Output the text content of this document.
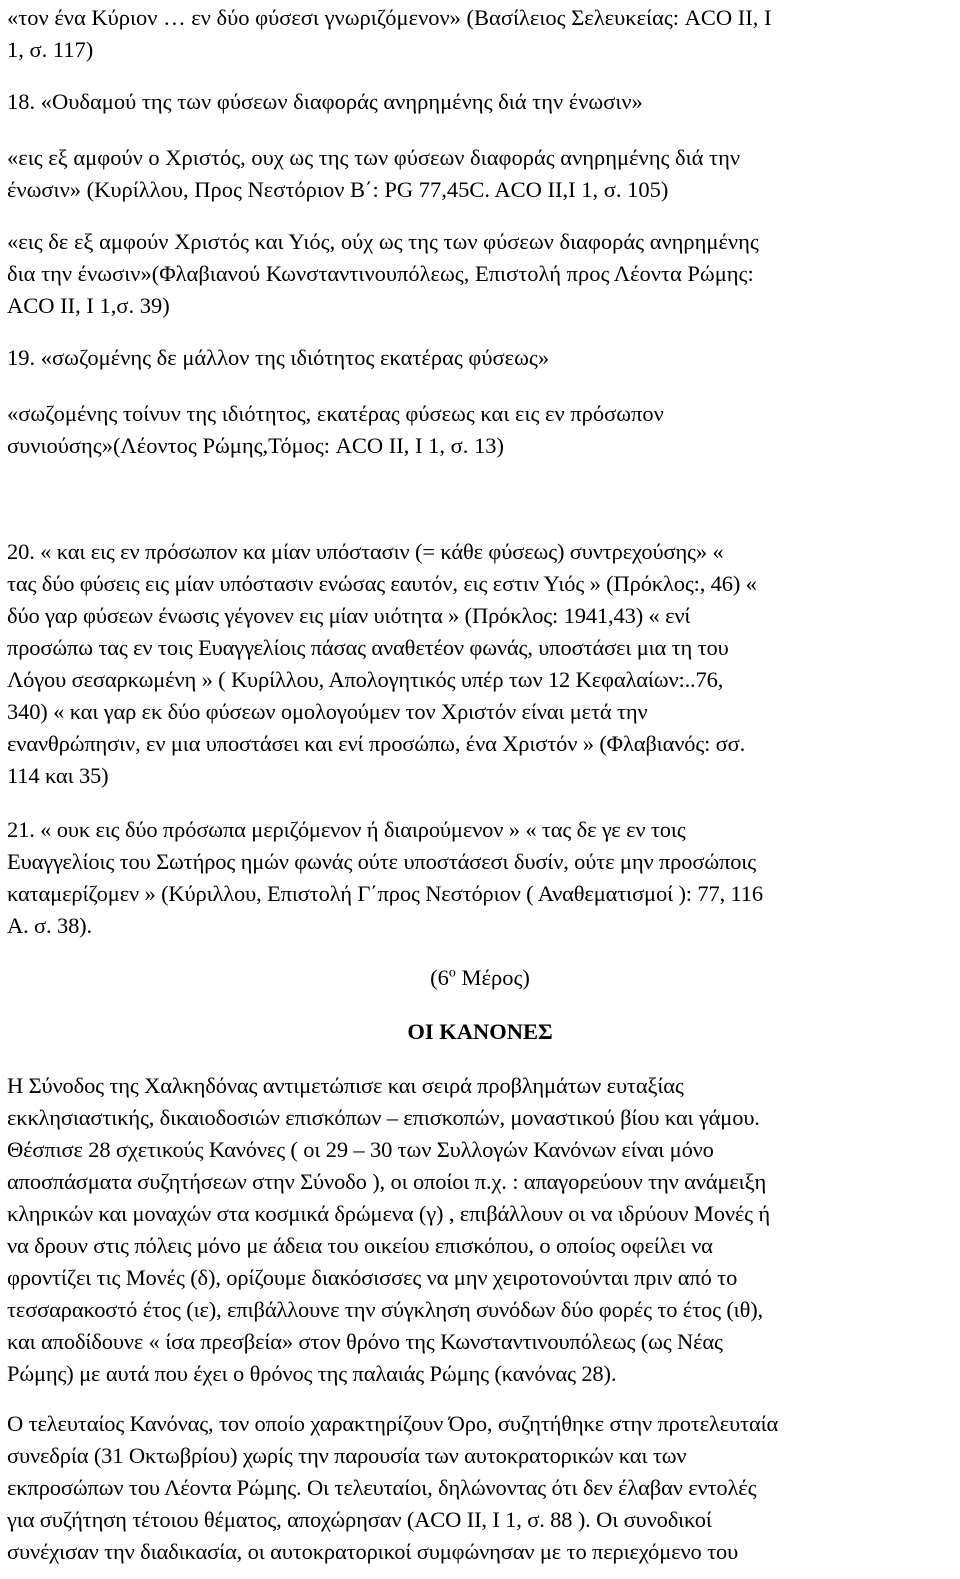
«τον ένα Κύριον … εν δύο φύσεσι γνωριζόμενον» (Βασίλειος Σελευκείας: ACO II, I
1, σ. 117)

18. «Ουδαμού της των φύσεων διαφοράς ανηρημένης διά την ένωσιν»

«εις εξ αμφούν ο Χριστός, ουχ ως της των φύσεων διαφοράς ανηρημένης διά την
ένωσιν» (Κυρίλλου, Προς Νεστόριον Β΄: PG 77,45C. ACO II,I 1, σ. 105)

«εις δε εξ αμφούν Χριστός και Υιός, ούχ ως της των φύσεων διαφοράς ανηρημένης
δια την ένωσιν»(Φλαβιανού Κωνσταντινουπόλεως, Επιστολή προς Λέοντα Ρώμης:
ACO II, I 1,σ. 39)

19. «σωζομένης δε μάλλον της ιδιότητος εκατέρας φύσεως»

«σωζομένης τοίνυν της ιδιότητος, εκατέρας φύσεως και εις εν πρόσωπον
συνιούσης»(Λέοντος Ρώμης,Τόμος: ACO II, I 1, σ. 13)

20. « και εις εν πρόσωπον κα μίαν υπόστασιν (= κάθε φύσεως) συντρεχούσης» «
τας δύο φύσεις εις μίαν υπόστασιν ενώσας εαυτόν, εις εστιν Υιός » (Πρόκλος:, 46) «
δύο γαρ φύσεων ένωσις γέγονεν εις μίαν υιότητα » (Πρόκλος: 1941,43) « ενί
προσώπω τας εν τοις Ευαγγελίοις πάσας αναθετέον φωνάς, υποστάσει μια τη του
Λόγου σεσαρκωμένη » ( Κυρίλλου, Απολογητικός υπέρ των 12 Κεφαλαίων:..76,
340) « και γαρ εκ δύο φύσεων ομολογούμεν τον Χριστόν είναι μετά την
ενανθρώπησιν, εν μια υποστάσει και ενί προσώπω, ένα Χριστόν » (Φλαβιανός: σσ.
114 και 35)

21. « ουκ εις δύο πρόσωπα μεριζόμενον ή διαιρούμενον » « τας δε γε εν τοις
Ευαγγελίοις του Σωτήρος ημών φωνάς ούτε υποστάσεσι δυσίν, ούτε μην προσώποις
καταμερίζομεν » (Κύριλλου, Επιστολή Γ΄προς Νεστόριον ( Αναθεματισμοί ): 77, 116
Α. σ. 38).

($6^o$ Μέρος)

ΟΙ ΚΑΝΟΝΕΣ

Η Σύνοδος της Χαλκηδόνας αντιμετώπισε και σειρά προβλημάτων ευταξίας
εκκλησιαστικής, δικαιοδοσιών επισκόπων – επισκοπών, μοναστικού βίου και γάμου.
Θέσπισε 28 σχετικούς Κανόνες ( οι 29 – 30 των Συλλογών Κανόνων είναι μόνο
αποσπάσματα συζητήσεων στην Σύνοδο ), οι οποίοι π.χ. : απαγορεύουν την ανάμειξη
κληρικών και μοναχών στα κοσμικά δρώμενα (γ) , επιβάλλουν οι να ιδρύουν Μονές ή
να δρουν στις πόλεις μόνο με άδεια του οικείου επισκόπου, ο οποίος οφείλει να
φροντίζει τις Μονές (δ), ορίζουμε διακόσισσες να μην χειροτονούνται πριν από το
τεσσαρακοστό έτος (ιε), επιβάλλουνε την σύγκληση συνόδων δύο φορές το έτος (ιθ),
και αποδίδουνε « ίσα πρεσβεία» στον θρόνο της Κωνσταντινουπόλεως (ως Νέας
Ρώμης) με αυτά που έχει ο θρόνος της παλαιάς Ρώμης (κανόνας 28).

Ο τελευταίος Κανόνας, τον οποίο χαρακτηρίζουν Όρο, συζητήθηκε στην προτελευταία
συνεδρία (31 Οκτωβρίου) χωρίς την παρουσία των αυτοκρατορικών και των
εκπροσώπων του Λέοντα Ρώμης. Οι τελευταίοι, δηλώνοντας ότι δεν έλαβαν εντολές
για συζήτηση τέτοιου θέματος, αποχώρησαν (ACO II, I 1, σ. 88 ). Οι συνοδικοί
συνέχισαν την διαδικασία, οι αυτοκρατορικοί συμφώνησαν με το περιεχόμενο του
